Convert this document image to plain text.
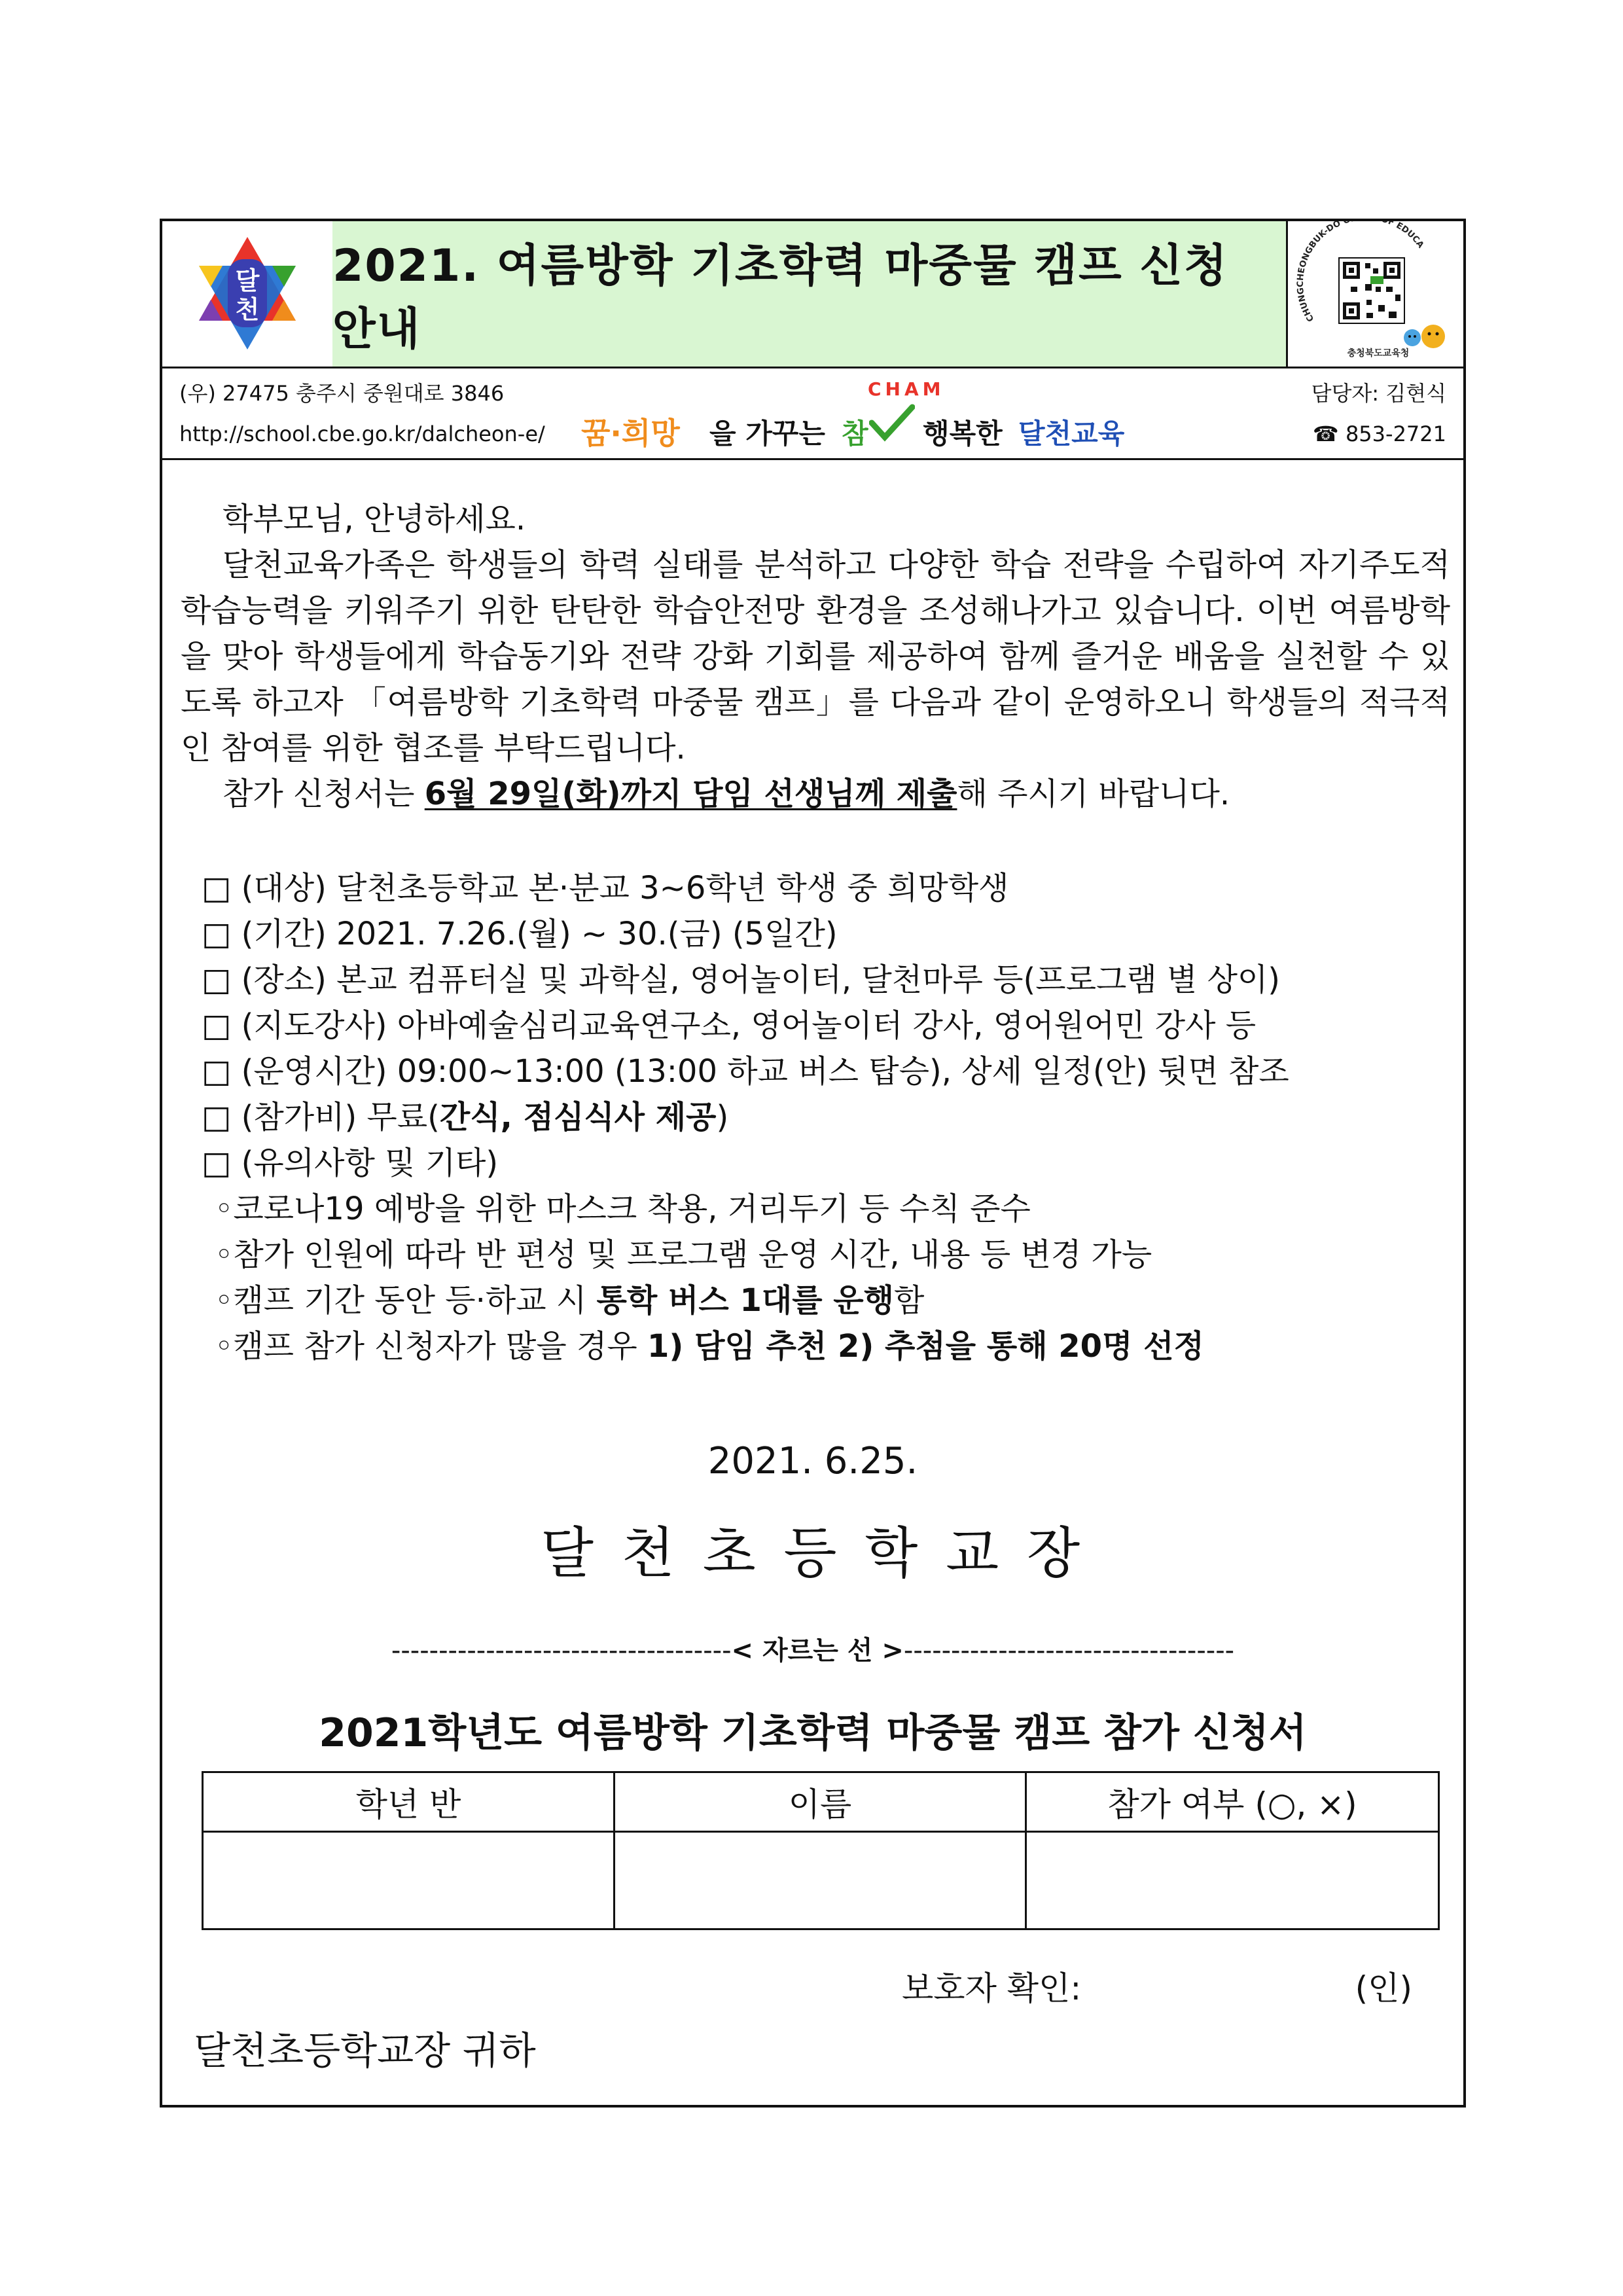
달
천
2021. 여름방학 기초학력 마중물 캠프 신청 안내	CHUNGCHEONGBUK-DO F EDUCA
충청북도교육청
(우) 27475 충주시 중원대로 3846
http://school.cbe.go.kr/dalcheon-e/ 꿈·희망 을 가꾸는 참
CHAM
행복한 달천교육
담당자: 김현식
☎ 853-2721
학부모님, 안녕하세요.
달천교육가족은 학생들의 학력 실태를 분석하고 다양한 학습 전략을 수립하여 자기주도적 학습능력을 키워주기 위한 탄탄한 학습안전망 환경을 조성해나가고 있습니다. 이번 여름방학을 맞아 학생들에게 학습동기와 전략 강화 기회를 제공하여 함께 즐거운 배움을 실천할 수 있도록 하고자 「여름방학 기초학력 마중물 캠프」를 다음과 같이 운영하오니 학생들의 적극적인 참여를 위한 협조를 부탁드립니다.
참가 신청서는 6월 29일(화)까지 담임 선생님께 제출해 주시기 바랍니다.
□ (대상) 달천초등학교 본·분교 3~6학년 학생 중 희망학생
□ (기간) 2021. 7.26.(월) ~ 30.(금) (5일간)
□ (장소) 본교 컴퓨터실 및 과학실, 영어놀이터, 달천마루 등(프로그램 별 상이)
□ (지도강사) 아바예술심리교육연구소, 영어놀이터 강사, 영어원어민 강사 등
□ (운영시간) 09:00~13:00 (13:00 하교 버스 탑승), 상세 일정(안) 뒷면 참조
□ (참가비) 무료(간식, 점심식사 제공)
□ (유의사항 및 기타)
◦코로나19 예방을 위한 마스크 착용, 거리두기 등 수칙 준수
◦참가 인원에 따라 반 편성 및 프로그램 운영 시간, 내용 등 변경 가능
◦캠프 기간 동안 등·하교 시 통학 버스 1대를 운행함
◦캠프 참가 신청자가 많을 경우 1) 담임 추천 2) 추첨을 통해 20명 선정
2021. 6.25.
달 천 초 등 학 교 장
------------------------------------< 자르는 선 >-----------------------------------
2021학년도 여름방학 기초학력 마중물 캠프 참가 신청서
학년 반	이름	참가 여부 (○, ×)

보호자 확인:	(인)
달천초등학교장 귀하
